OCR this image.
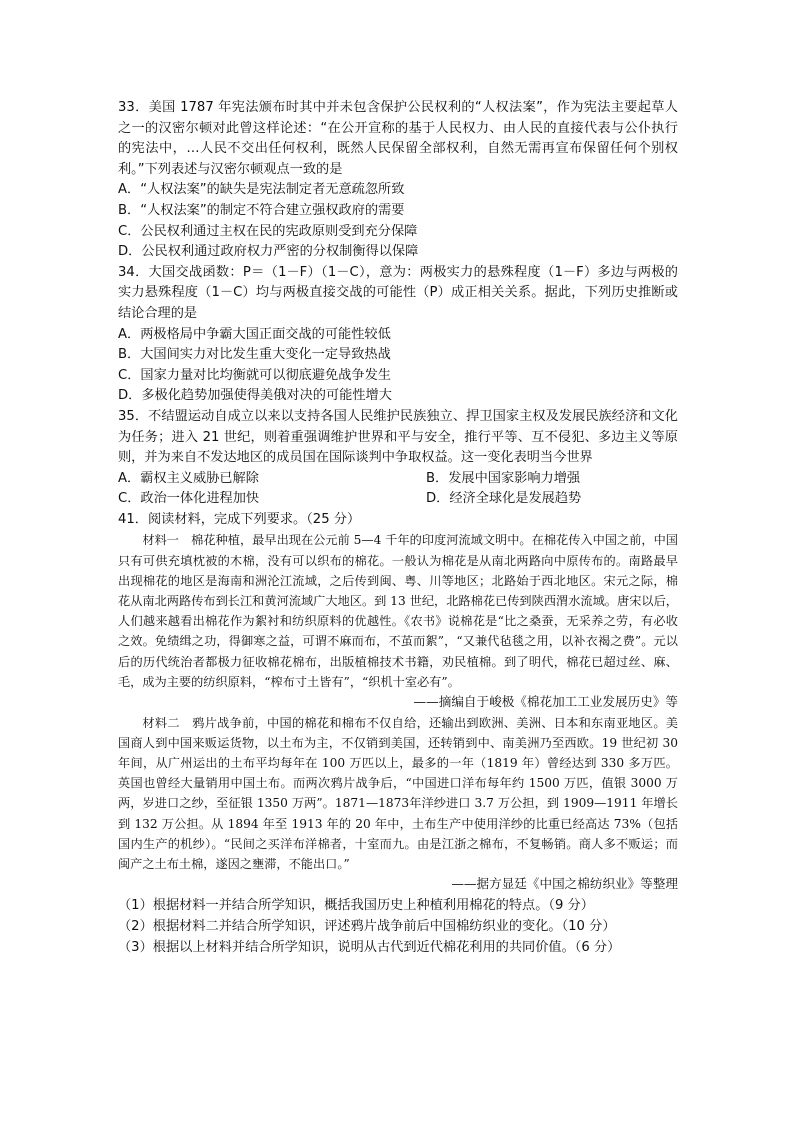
33．美国 1787 年宪法颁布时其中并未包含保护公民权利的“人权法案”，作为宪法主要起草人之一的汉密尔顿对此曾这样论述：“在公开宣称的基于人民权力、由人民的直接代表与公仆执行的宪法中，…人民不交出任何权利，既然人民保留全部权利，自然无需再宣布保留任何个别权利。”下列表述与汉密尔顿观点一致的是

A．“人权法案”的缺失是宪法制定者无意疏忽所致

B．“人权法案”的制定不符合建立强权政府的需要

C．公民权利通过主权在民的宪政原则受到充分保障

D．公民权利通过政府权力严密的分权制衡得以保障

34．大国交战函数：P＝（1－F）（1－C），意为：两极实力的悬殊程度（1－F）多边与两极的实力悬殊程度（1－C）均与两极直接交战的可能性（P）成正相关关系。据此，下列历史推断或结论合理的是

A．两极格局中争霸大国正面交战的可能性较低

B．大国间实力对比发生重大变化一定导致热战

C．国家力量对比均衡就可以彻底避免战争发生

D．多极化趋势加强使得美俄对决的可能性增大

35．不结盟运动自成立以来以支持各国人民维护民族独立、捍卫国家主权及发展民族经济和文化为任务；进入 21 世纪，则着重强调维护世界和平与安全，推行平等、互不侵犯、多边主义等原则，并为来自不发达地区的成员国在国际谈判中争取权益。这一变化表明当今世界

A．霸权主义威胁已解除	B．发展中国家影响力增强
C．政治一体化进程加快	D．经济全球化是发展趋势

41．阅读材料，完成下列要求。（25 分）

材料一　棉花种植，最早出现在公元前 5—4 千年的印度河流域文明中。在棉花传入中国之前，中国只有可供充填枕被的木棉，没有可以织布的棉花。一般认为棉花是从南北两路向中原传布的。南路最早出现棉花的地区是海南和洲沦江流域，之后传到闽、粤、川等地区；北路始于西北地区。宋元之际，棉花从南北两路传布到长江和黄河流域广大地区。到 13 世纪，北路棉花已传到陕西渭水流域。唐宋以后，人们越来越看出棉花作为絮衬和纺织原料的优越性。《农书》说棉花是“比之桑蚕，无采养之劳，有必收之效。免绩缉之功，得御寒之益，可谓不麻而布，不茧而絮”，“又兼代毡毯之用，以补衣褐之费”。元以后的历代统治者都极力征收棉花棉布，出版植棉技术书籍，劝民植棉。到了明代，棉花已超过丝、麻、毛，成为主要的纺织原料，“榨布寸土皆有”，“织机十室必有”。

——摘编自于峻极《棉花加工工业发展历史》等

材料二　鸦片战争前，中国的棉花和棉布不仅自给，还输出到欧洲、美洲、日本和东南亚地区。美国商人到中国来贩运货物，以土布为主，不仅销到美国，还转销到中、南美洲乃至西欧。19 世纪初 30 年间，从广州运出的土布平均每年在 100 万匹以上，最多的一年（1819 年）曾经达到 330 多万匹。英国也曾经大量销用中国土布。而两次鸦片战争后，“中国进口洋布每年约 1500 万匹，值银 3000 万两，岁进口之纱，至征银 1350 万两”。1871—1873年洋纱进口 3.7 万公担，到 1909—1911 年增长到 132 万公担。从 1894 年至 1913 年的 20 年中，土布生产中使用洋纱的比重已经高达 73%（包括国内生产的机纱）。“民间之买洋布洋棉者，十室而九。由是江浙之棉布，不复畅销。商人多不贩运；而闽产之土布土棉，遂因之壅滞，不能出口。”

——据方显廷《中国之棉纺织业》等整理

（1）根据材料一并结合所学知识，概括我国历史上种植利用棉花的特点。（9 分）

（2）根据材料二并结合所学知识，评述鸦片战争前后中国棉纺织业的变化。（10 分）

（3）根据以上材料并结合所学知识，说明从古代到近代棉花利用的共同价值。（6 分）
